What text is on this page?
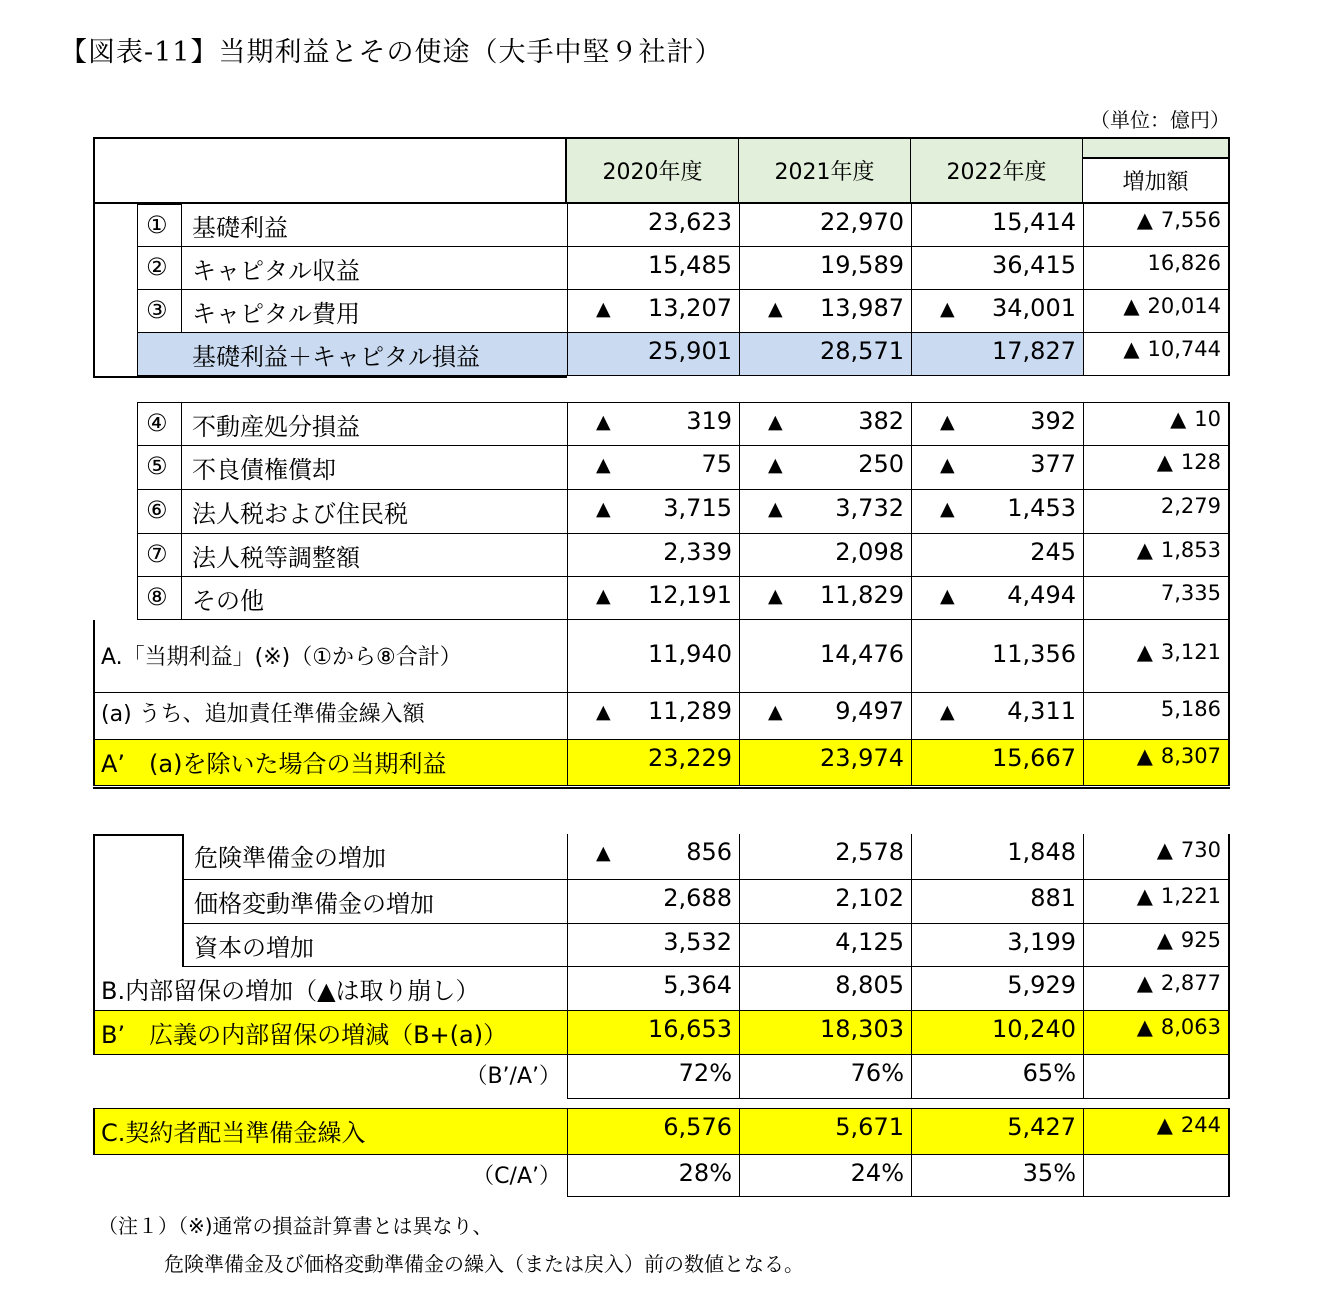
【図表-11】当期利益とその使途（大手中堅９社計）
（単位：億円）
2020年度	2021年度	2022年度	増加額
①	基礎利益	23,623	22,970	15,414	▲ 7,556
②	キャピタル収益	15,485	19,589	36,415	16,826
③	キャピタル費用	▲ 13,207	▲ 13,987	▲ 34,001	▲ 20,014
基礎利益＋キャピタル損益	25,901	28,571	17,827	▲ 10,744
④	不動産処分損益	▲	319	▲	382	▲	392	▲ 10
⑤	不良債権償却	▲	75	▲	250	▲	377	▲ 128
⑥	法人税および住民税	▲ 3,715	▲ 3,732	▲ 1,453	2,279
⑦	法人税等調整額	2,339	2,098	245	▲ 1,853
⑧	その他	▲ 12,191	▲ 11,829	▲ 4,494	7,335
A.「当期利益」(※)（①から⑧合計）	11,940	14,476	11,356	▲ 3,121
(a) うち、追加責任準備金繰入額	▲ 11,289	▲ 9,497	▲ 4,311	5,186
A’　(a)を除いた場合の当期利益	23,229	23,974	15,667	▲ 8,307
危険準備金の増加	▲	856	2,578	1,848	▲ 730
価格変動準備金の増加	2,688	2,102	881	▲ 1,221
資本の増加	3,532	4,125	3,199	▲ 925
B.内部留保の増加（▲は取り崩し）	5,364	8,805	5,929	▲ 2,877
B’　広義の内部留保の増減（B+(a)）	16,653	18,303	10,240	▲ 8,063
（B’/A’）	72%	76%	65%
C.契約者配当準備金繰入	6,576	5,671	5,427	▲ 244
（C/A’）	28%	24%	35%
（注１）（※)通常の損益計算書とは異なり、
危険準備金及び価格変動準備金の繰入（または戻入）前の数値となる。
